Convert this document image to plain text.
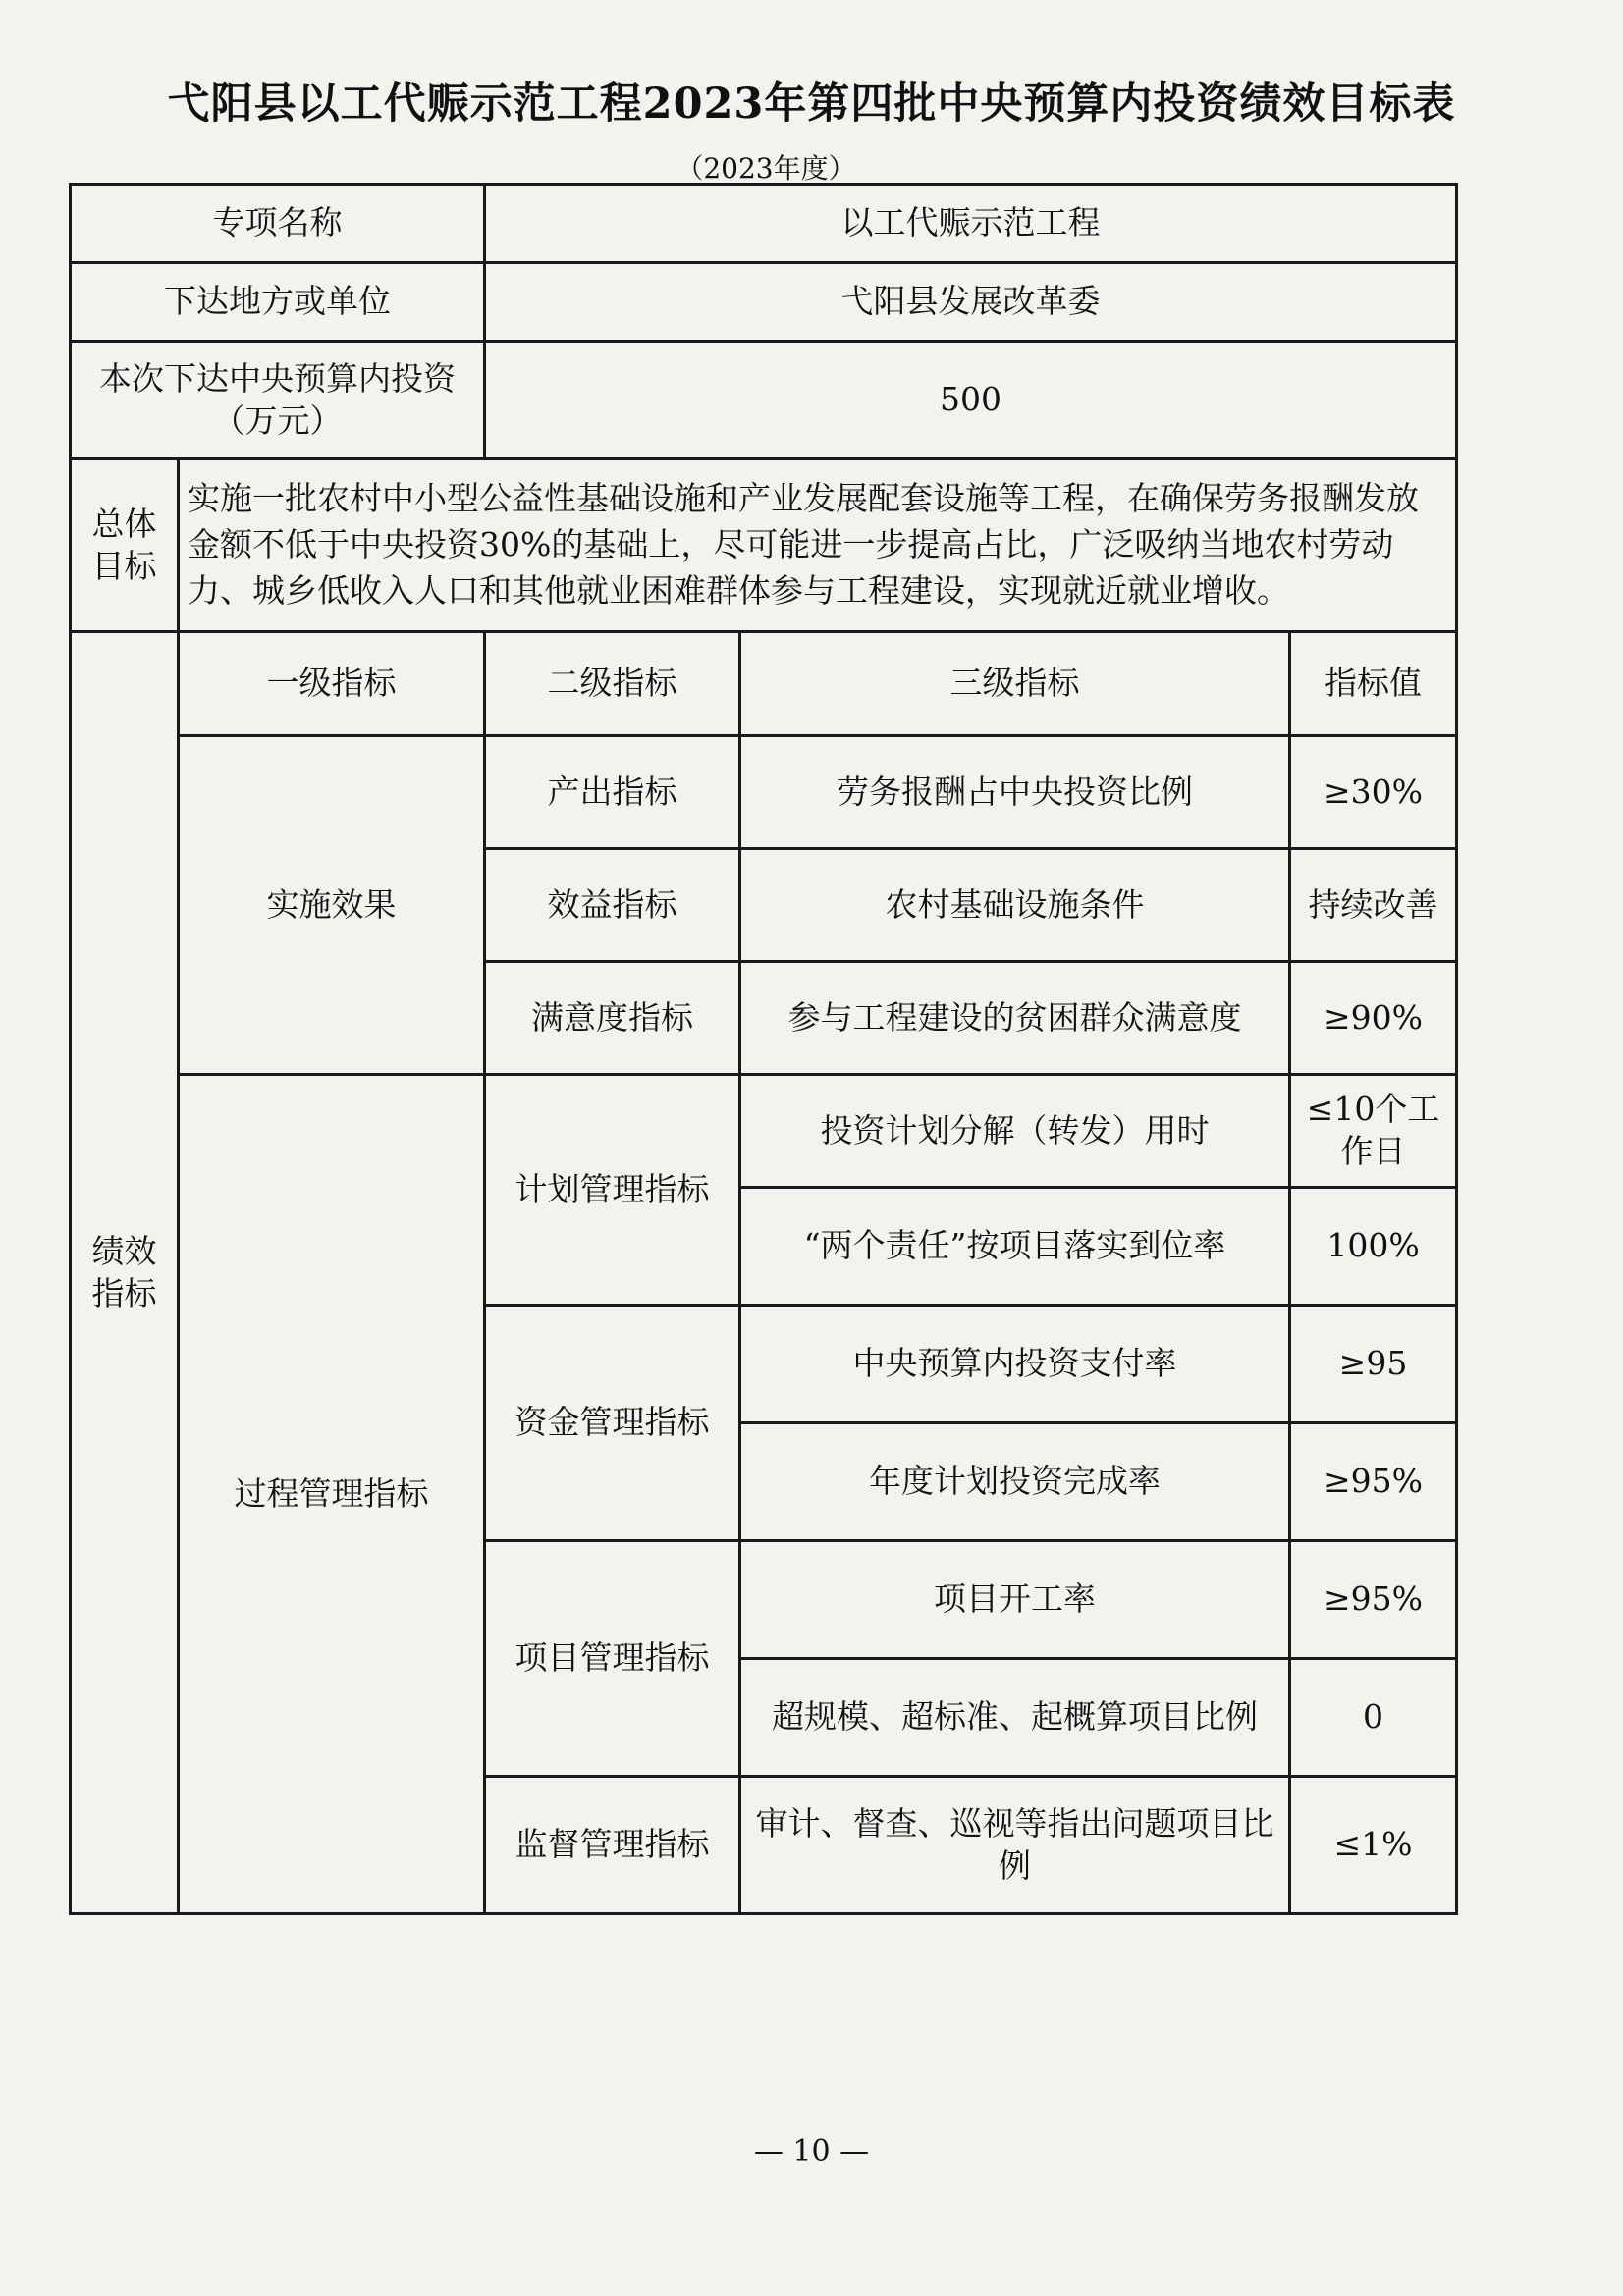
弋阳县以工代赈示范工程2023年第四批中央预算内投资绩效目标表
（2023年度）
专项名称		以工代赈示范工程		
下达地方或单位		弋阳县发展改革委		

本次下达中央预算内投资
（万元）		500		

总体
目标	实施一批农村中小型公益性基础设施和产业发展配套设施等工程，在确保劳务报酬发放金额不低于中央投资30%的基础上，尽可能进一步提高占比，广泛吸纳当地农村劳动力、城乡低收入人口和其他就业困难群体参与工程建设，实现就近就业增收。			

绩效
指标	一级指标	二级指标	三级指标	指标值
	实施效果	产出指标	劳务报酬占中央投资比例	≥30%
		效益指标	农村基础设施条件	持续改善
		满意度指标	参与工程建设的贫困群众满意度	≥90%
	过程管理指标	计划管理指标	投资计划分解（转发）用时	≤10个工作日
			“两个责任”按项目落实到位率	100%
		资金管理指标	中央预算内投资支付率	≥95
			年度计划投资完成率	≥95%
		项目管理指标	项目开工率	≥95%
			超规模、超标准、起概算项目比例	0
		监督管理指标	审计、督查、巡视等指出问题项目比例	≤1%
— 10 —
